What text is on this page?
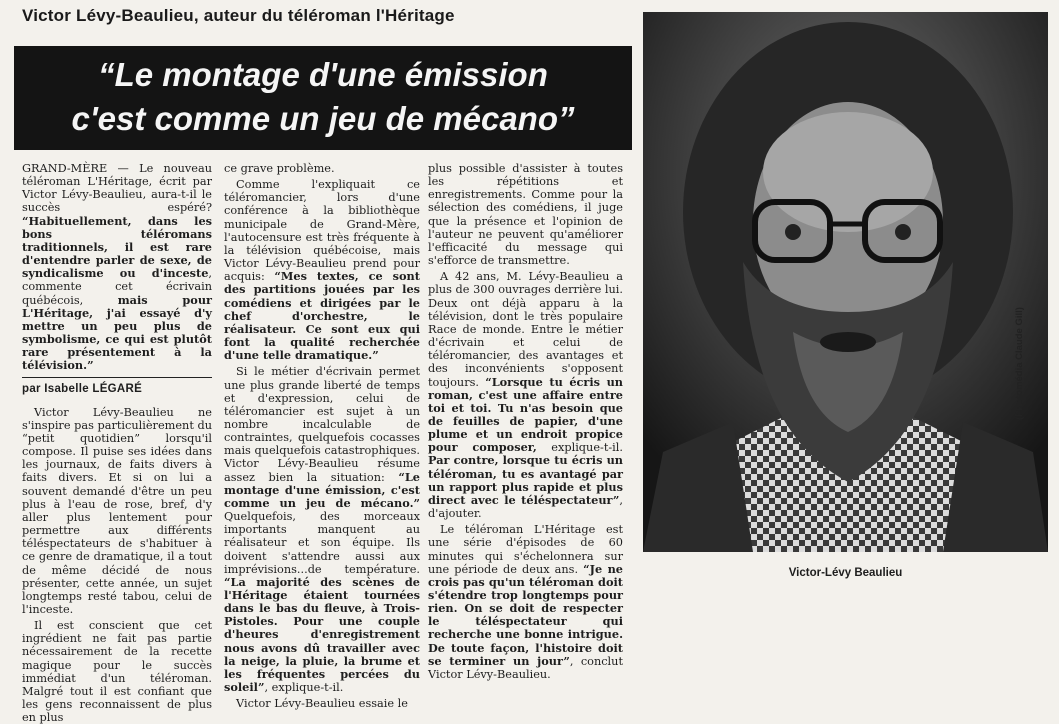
Victor Lévy-Beaulieu, auteur du téléroman l'Héritage
“Le montage d'une émission
c'est comme un jeu de mécano”

GRAND-MÈRE — Le nouveau téléroman L'Héritage, écrit par Victor Lévy-Beaulieu, aura-t-il le succès espéré? “Habituellement, dans les bons téléromans traditionnels, il est rare d'entendre parler de sexe, de syndicalisme ou d'inceste, commente cet écrivain québécois, mais pour L'Héritage, j'ai essayé d'y mettre un peu plus de symbolisme, ce qui est plutôt rare présentement à la télévision.”

par Isabelle LÉGARÉ

Victor Lévy-Beaulieu ne s'inspire pas particulièrement du “petit quotidien” lorsqu'il compose. Il puise ses idées dans les journaux, de faits divers à faits divers. Et si on lui a souvent demandé d'être un peu plus à l'eau de rose, bref, d'y aller plus lentement pour permettre aux différents téléspectateurs de s'habituer à ce genre de dramatique, il a tout de même décidé de nous présenter, cette année, un sujet longtemps resté tabou, celui de l'inceste.

Il est conscient que cet ingrédient ne fait pas partie nécessairement de la recette magique pour le succès immédiat d'un téléroman. Malgré tout il est confiant que les gens reconnaissent de plus en plus

ce grave problème.

Comme l'expliquait ce téléromancier, lors d'une conférence à la bibliothèque municipale de Grand-Mère, l'autocensure est très fréquente à la télévision québécoise, mais Victor Lévy-Beaulieu prend pour acquis: “Mes textes, ce sont des partitions jouées par les comédiens et dirigées par le chef d'orchestre, le réalisateur. Ce sont eux qui font la qualité recherchée d'une telle dramatique.”

Si le métier d'écrivain permet une plus grande liberté de temps et d'expression, celui de téléromancier est sujet à un nombre incalculable de contraintes, quelquefois cocasses mais quelquefois catastrophiques. Victor Lévy-Beaulieu résume assez bien la situation: “Le montage d'une émission, c'est comme un jeu de mécano.” Quelquefois, des morceaux importants manquent au réalisateur et son équipe. Ils doivent s'attendre aussi aux imprévisions...de température. “La majorité des scènes de l'Héritage étaient tournées dans le bas du fleuve, à Trois-Pistoles. Pour une couple d'heures d'enregistrement nous avons dû travailler avec la neige, la pluie, la brume et les fréquentes percées du soleil”, explique-t-il.

Victor Lévy-Beaulieu essaie le

plus possible d'assister à toutes les répétitions et enregistrements. Comme pour la sélection des comédiens, il juge que la présence et l'opinion de l'auteur ne peuvent qu'améliorer l'efficacité du message qui s'efforce de transmettre.

A 42 ans, M. Lévy-Beaulieu a plus de 300 ouvrages derrière lui. Deux ont déjà apparu à la télévision, dont le très populaire Race de monde. Entre le métier d'écrivain et celui de téléromancier, des avantages et des inconvénients s'opposent toujours. “Lorsque tu écris un roman, c'est une affaire entre toi et toi. Tu n'as besoin que de feuilles de papier, d'une plume et un endroit propice pour composer, explique-t-il. Par contre, lorsque tu écris un téléroman, tu es avantagé par un rapport plus rapide et plus direct avec le téléspectateur”, d'ajouter.

Le téléroman L'Héritage est une série d'épisodes de 60 minutes qui s'échelonnera sur une période de deux ans. “Je ne crois pas qu'un téléroman doit s'étendre trop longtemps pour rien. On se doit de respecter le téléspectateur qui recherche une bonne intrigue. De toute façon, l'histoire doit se terminer un jour”, conclut Victor Lévy-Beaulieu.

(Photomédia Claude Gill)
Victor-Lévy Beaulieu
